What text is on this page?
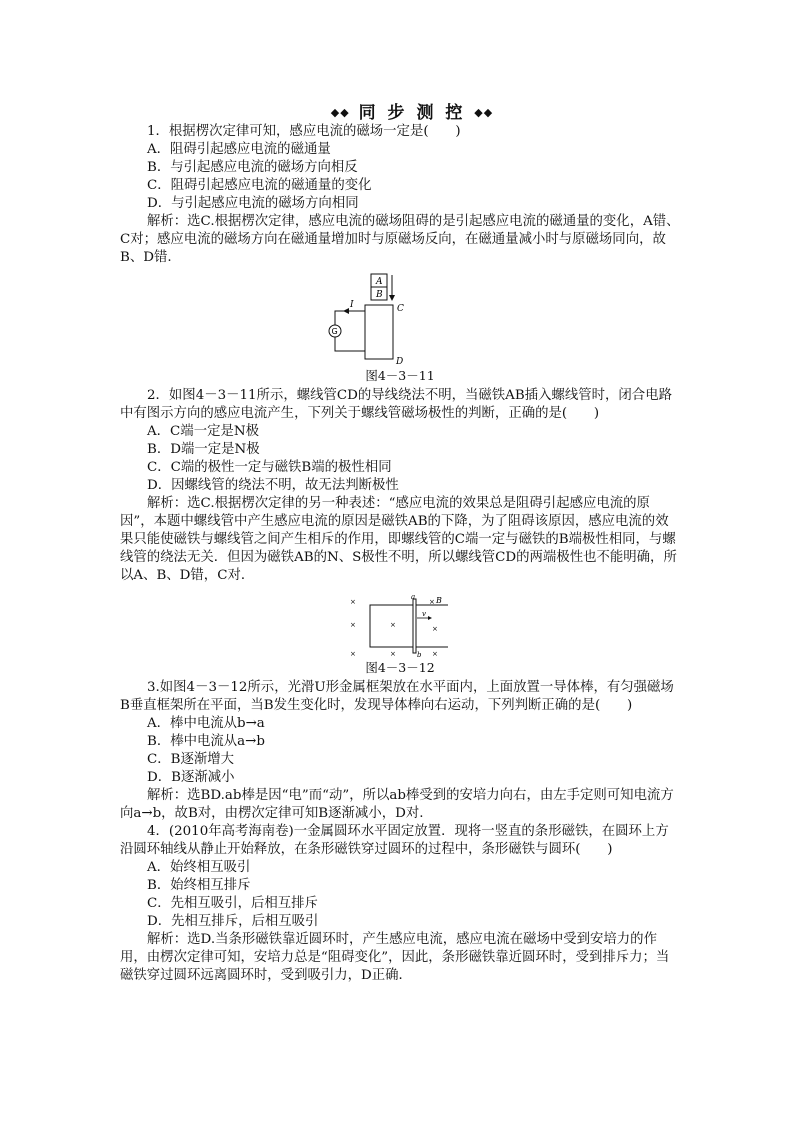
◆◆ 同 步 测 控 ◆◆

1．根据楞次定律可知，感应电流的磁场一定是(　　)

A．阻碍引起感应电流的磁通量

B．与引起感应电流的磁场方向相反

C．阻碍引起感应电流的磁通量的变化

D．与引起感应电流的磁场方向相同

解析：选C.根据楞次定律，感应电流的磁场阻碍的是引起感应电流的磁通量的变化，A错、C对；感应电流的磁场方向在磁通量增加时与原磁场反向，在磁通量减小时与原磁场同向，故B、D错.

A
B
C
D
I
G
图4－3－11

2．如图4－3－11所示，螺线管CD的导线绕法不明，当磁铁AB插入螺线管时，闭合电路中有图示方向的感应电流产生，下列关于螺线管磁场极性的判断，正确的是(　　)

A．C端一定是N极

B．D端一定是N极

C．C端的极性一定与磁铁B端的极性相同

D．因螺线管的绕法不明，故无法判断极性

解析：选C.根据楞次定律的另一种表述：“感应电流的效果总是阻碍引起感应电流的原因”，本题中螺线管中产生感应电流的原因是磁铁AB的下降，为了阻碍该原因，感应电流的效果只能使磁铁与螺线管之间产生相斥的作用，即螺线管的C端一定与磁铁的B端极性相同，与螺线管的绕法无关．但因为磁铁AB的N、S极性不明，所以螺线管CD的两端极性也不能明确，所以A、B、D错，C对．

a
b
v
×	× B
×	×	×
×	×	×
图4－3－12

3.如图4－3－12所示，光滑U形金属框架放在水平面内，上面放置一导体棒，有匀强磁场B垂直框架所在平面，当B发生变化时，发现导体棒向右运动，下列判断正确的是(　　)

A．棒中电流从b→a

B．棒中电流从a→b

C．B逐渐增大

D．B逐渐减小

解析：选BD.ab棒是因“电”而“动”，所以ab棒受到的安培力向右，由左手定则可知电流方向a→b，故B对，由楞次定律可知B逐渐减小，D对.

4．(2010年高考海南卷)一金属圆环水平固定放置．现将一竖直的条形磁铁，在圆环上方沿圆环轴线从静止开始释放，在条形磁铁穿过圆环的过程中，条形磁铁与圆环(　　)

A．始终相互吸引

B．始终相互排斥

C．先相互吸引，后相互排斥

D．先相互排斥，后相互吸引

解析：选D.当条形磁铁靠近圆环时，产生感应电流，感应电流在磁场中受到安培力的作用，由楞次定律可知，安培力总是“阻碍变化”，因此，条形磁铁靠近圆环时，受到排斥力；当磁铁穿过圆环远离圆环时，受到吸引力，D正确．
